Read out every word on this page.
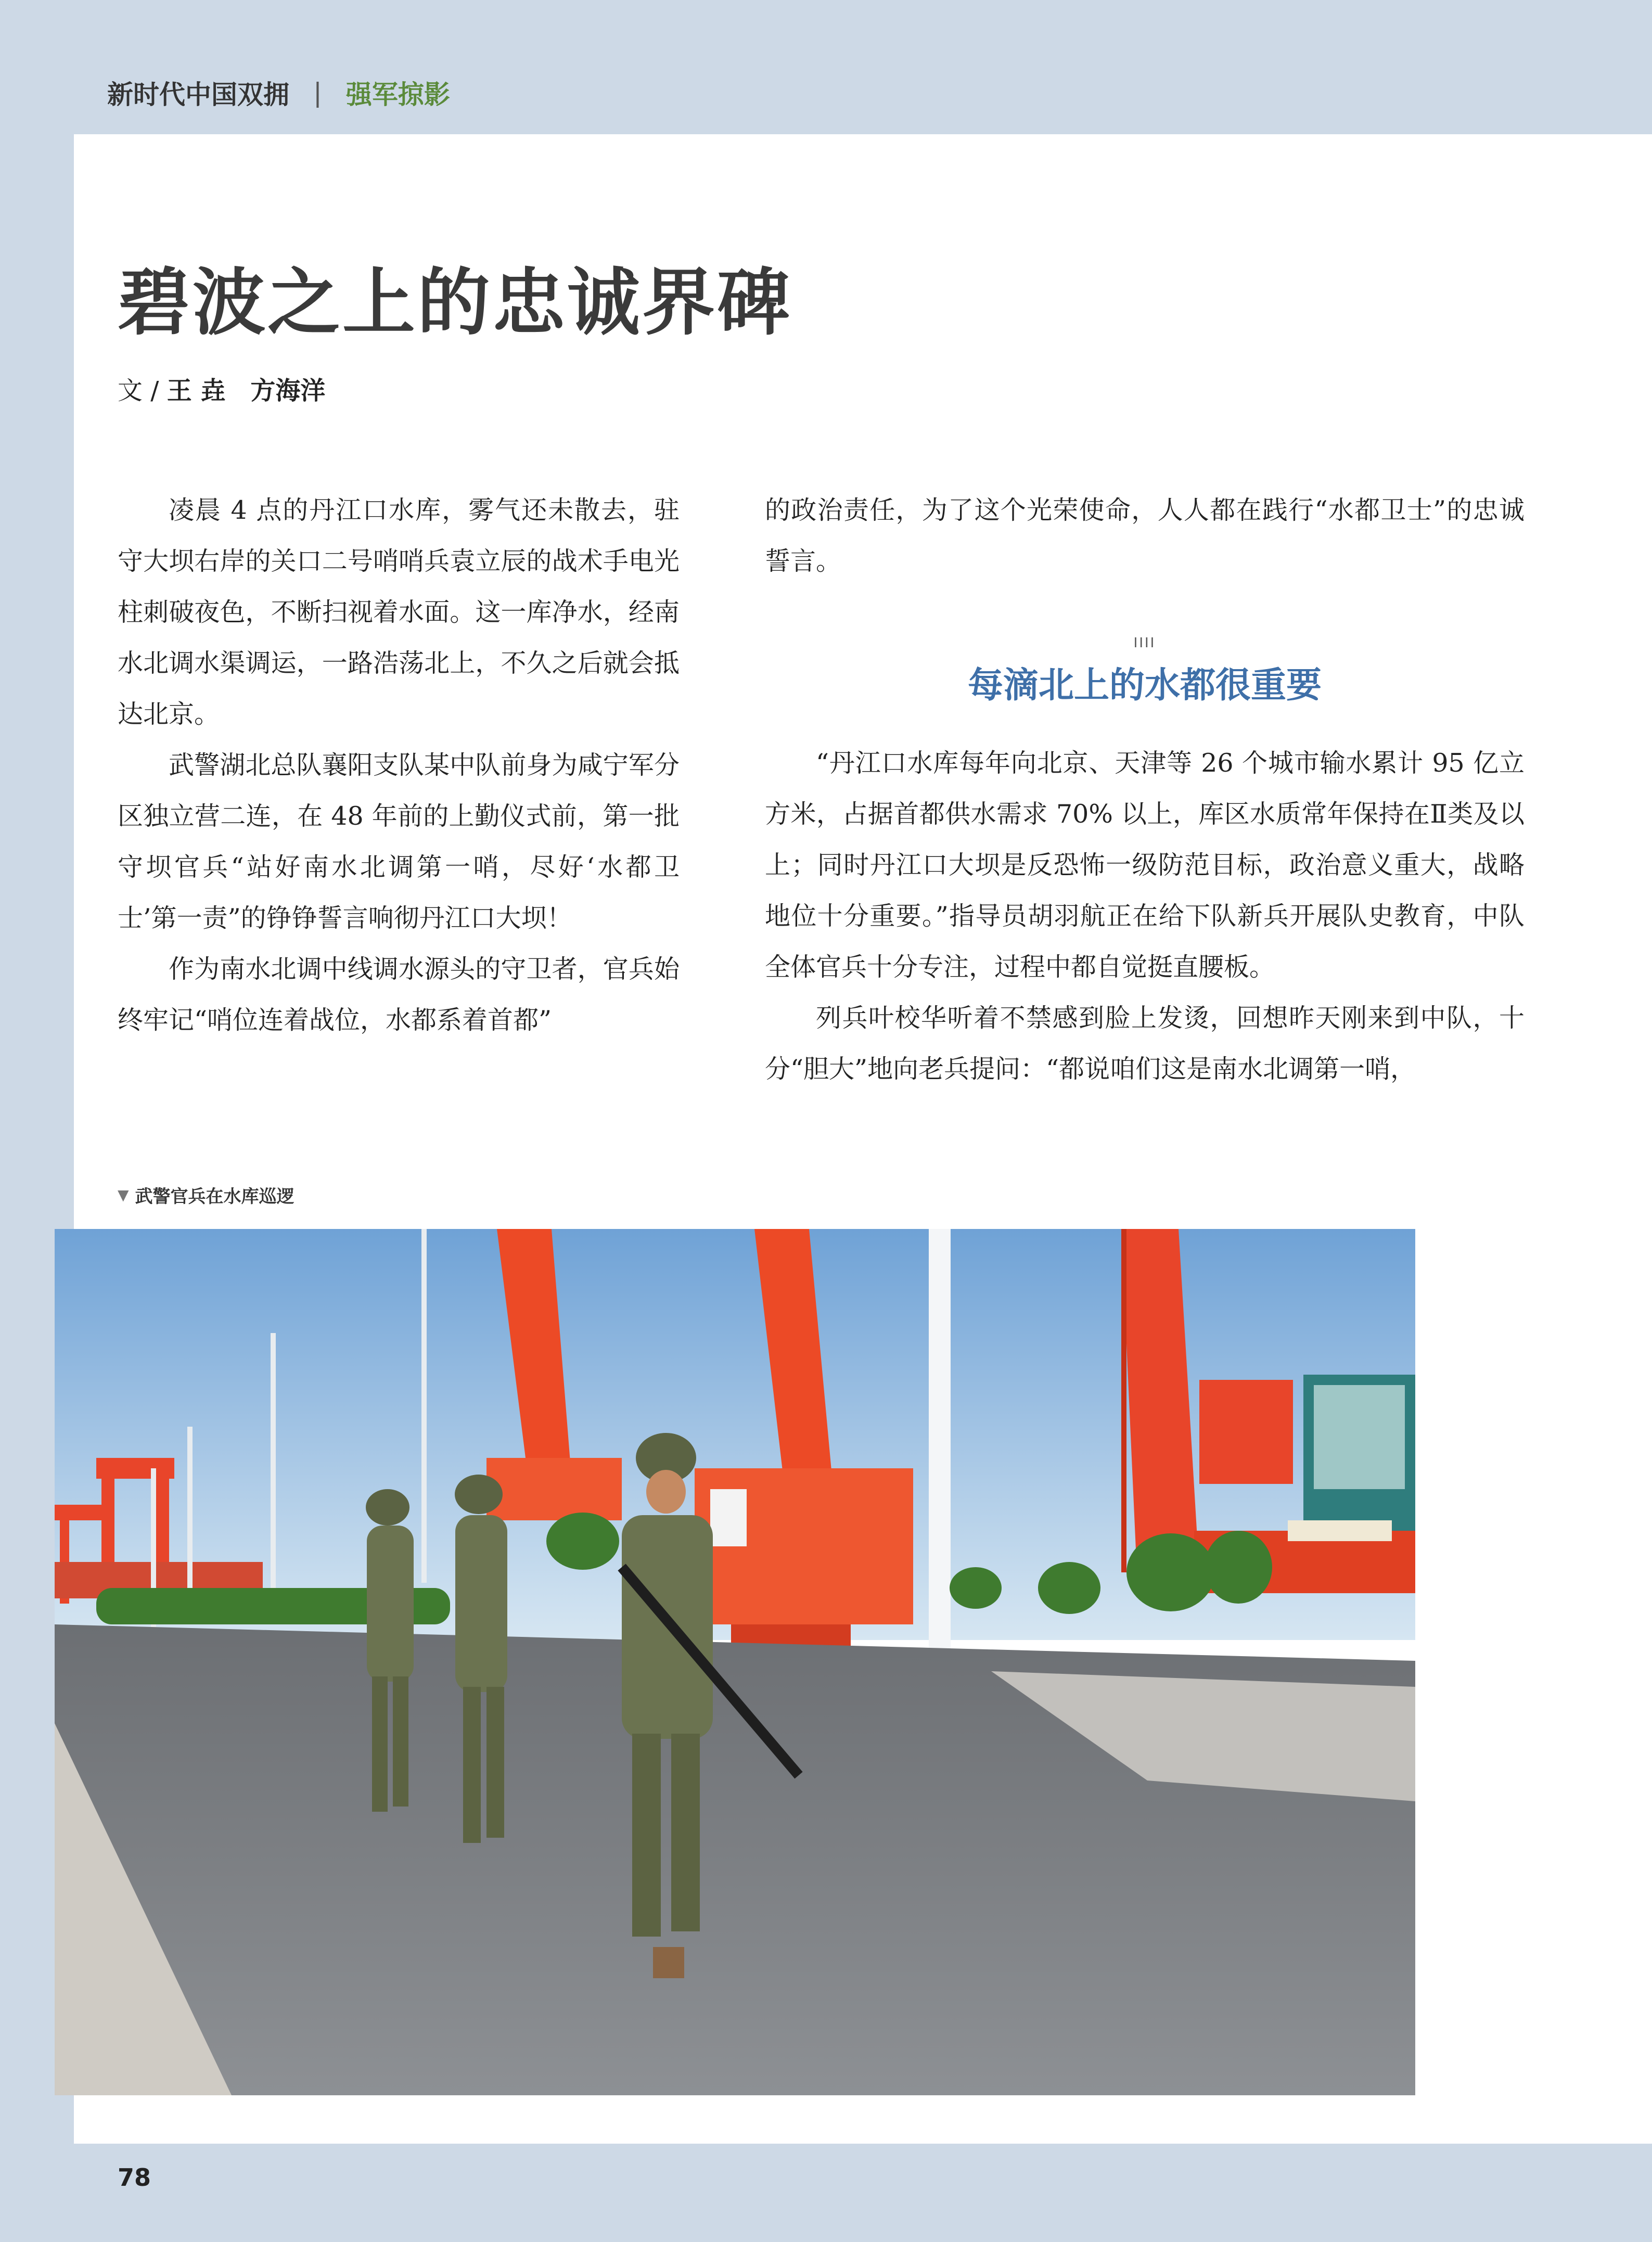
新时代中国双拥 | 强军掠影
碧波之上的忠诚界碑
文 / 王 垚　方海洋

凌晨 4 点的丹江口水库，雾气还未散去，驻守大坝右岸的关口二号哨哨兵袁立辰的战术手电光柱刺破夜色，不断扫视着水面。这一库净水，经南水北调水渠调运，一路浩荡北上，不久之后就会抵达北京。

武警湖北总队襄阳支队某中队前身为咸宁军分区独立营二连，在 48 年前的上勤仪式前，第一批守坝官兵“站好南水北调第一哨，尽好‘水都卫士’第一责”的铮铮誓言响彻丹江口大坝！

作为南水北调中线调水源头的守卫者，官兵始终牢记“哨位连着战位，水都系着首都”

的政治责任，为了这个光荣使命，人人都在践行“水都卫士”的忠诚誓言。

IIII
每滴北上的水都很重要

“丹江口水库每年向北京、天津等 26 个城市输水累计 95 亿立方米，占据首都供水需求 70% 以上，库区水质常年保持在Ⅱ类及以上；同时丹江口大坝是反恐怖一级防范目标，政治意义重大，战略地位十分重要。”指导员胡羽航正在给下队新兵开展队史教育，中队全体官兵十分专注，过程中都自觉挺直腰板。

列兵叶校华听着不禁感到脸上发烫，回想昨天刚来到中队，十分“胆大”地向老兵提问：“都说咱们这是南水北调第一哨，

▼ 武警官兵在水库巡逻
78
